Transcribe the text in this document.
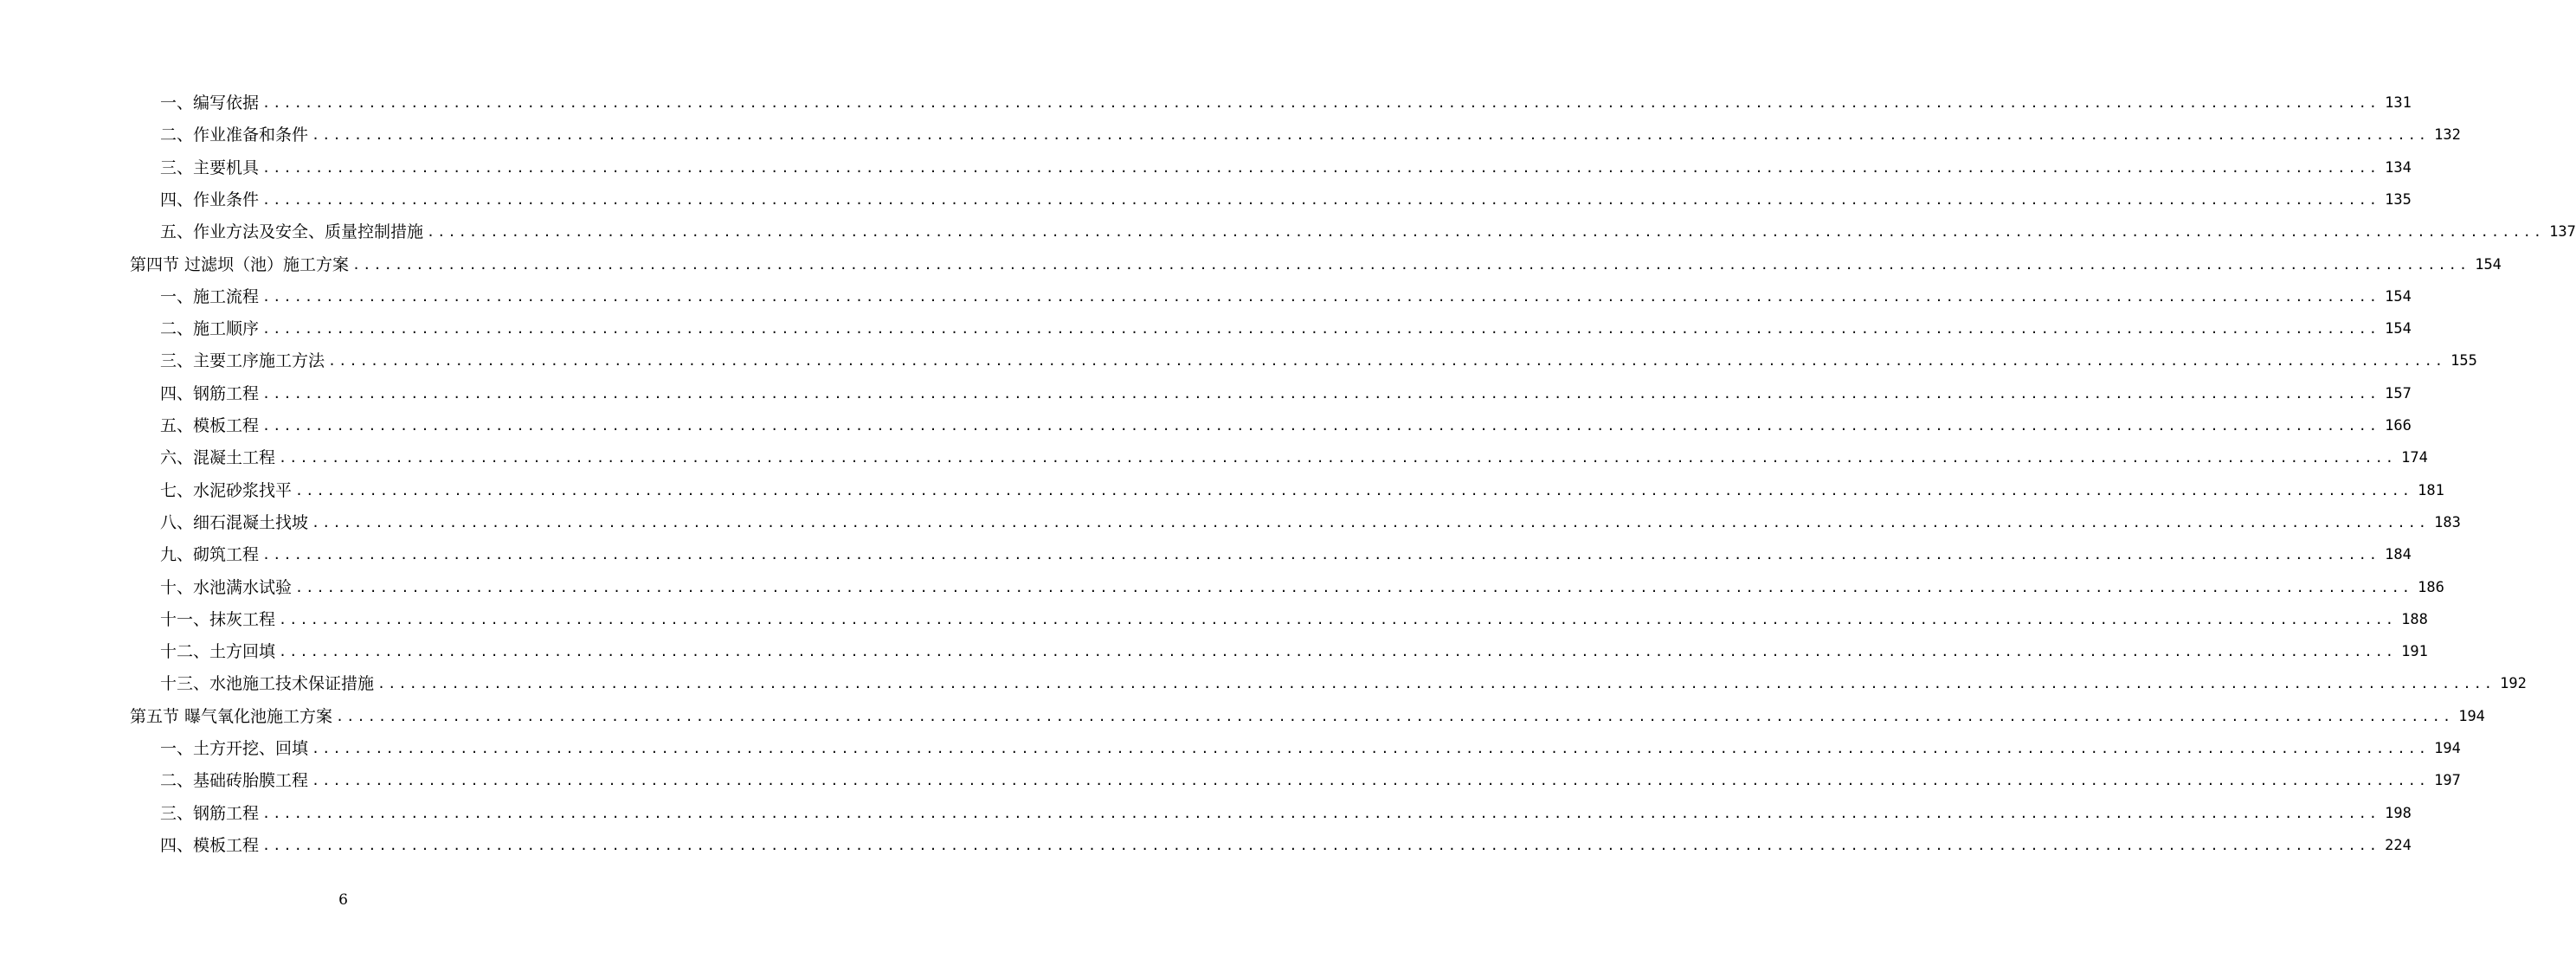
一、编写依据 ........................................................................................................................................................................................................ 131
二、作业准备和条件 ........................................................................................................................................................................................................ 132
三、主要机具 ........................................................................................................................................................................................................ 134
四、作业条件 ........................................................................................................................................................................................................ 135
五、作业方法及安全、质量控制措施 ........................................................................................................................................................................................................ 137
第四节 过滤坝（池）施工方案 ........................................................................................................................................................................................................ 154
一、施工流程 ........................................................................................................................................................................................................ 154
二、施工顺序 ........................................................................................................................................................................................................ 154
三、主要工序施工方法 ........................................................................................................................................................................................................ 155
四、钢筋工程 ........................................................................................................................................................................................................ 157
五、模板工程 ........................................................................................................................................................................................................ 166
六、混凝土工程 ........................................................................................................................................................................................................ 174
七、水泥砂浆找平 ........................................................................................................................................................................................................ 181
八、细石混凝土找坡 ........................................................................................................................................................................................................ 183
九、砌筑工程 ........................................................................................................................................................................................................ 184
十、水池满水试验 ........................................................................................................................................................................................................ 186
十一、抹灰工程 ........................................................................................................................................................................................................ 188
十二、土方回填 ........................................................................................................................................................................................................ 191
十三、水池施工技术保证措施 ........................................................................................................................................................................................................ 192
第五节 曝气氧化池施工方案 ........................................................................................................................................................................................................ 194
一、土方开挖、回填 ........................................................................................................................................................................................................ 194
二、基础砖胎膜工程 ........................................................................................................................................................................................................ 197
三、钢筋工程 ........................................................................................................................................................................................................ 198
四、模板工程 ........................................................................................................................................................................................................ 224
6
